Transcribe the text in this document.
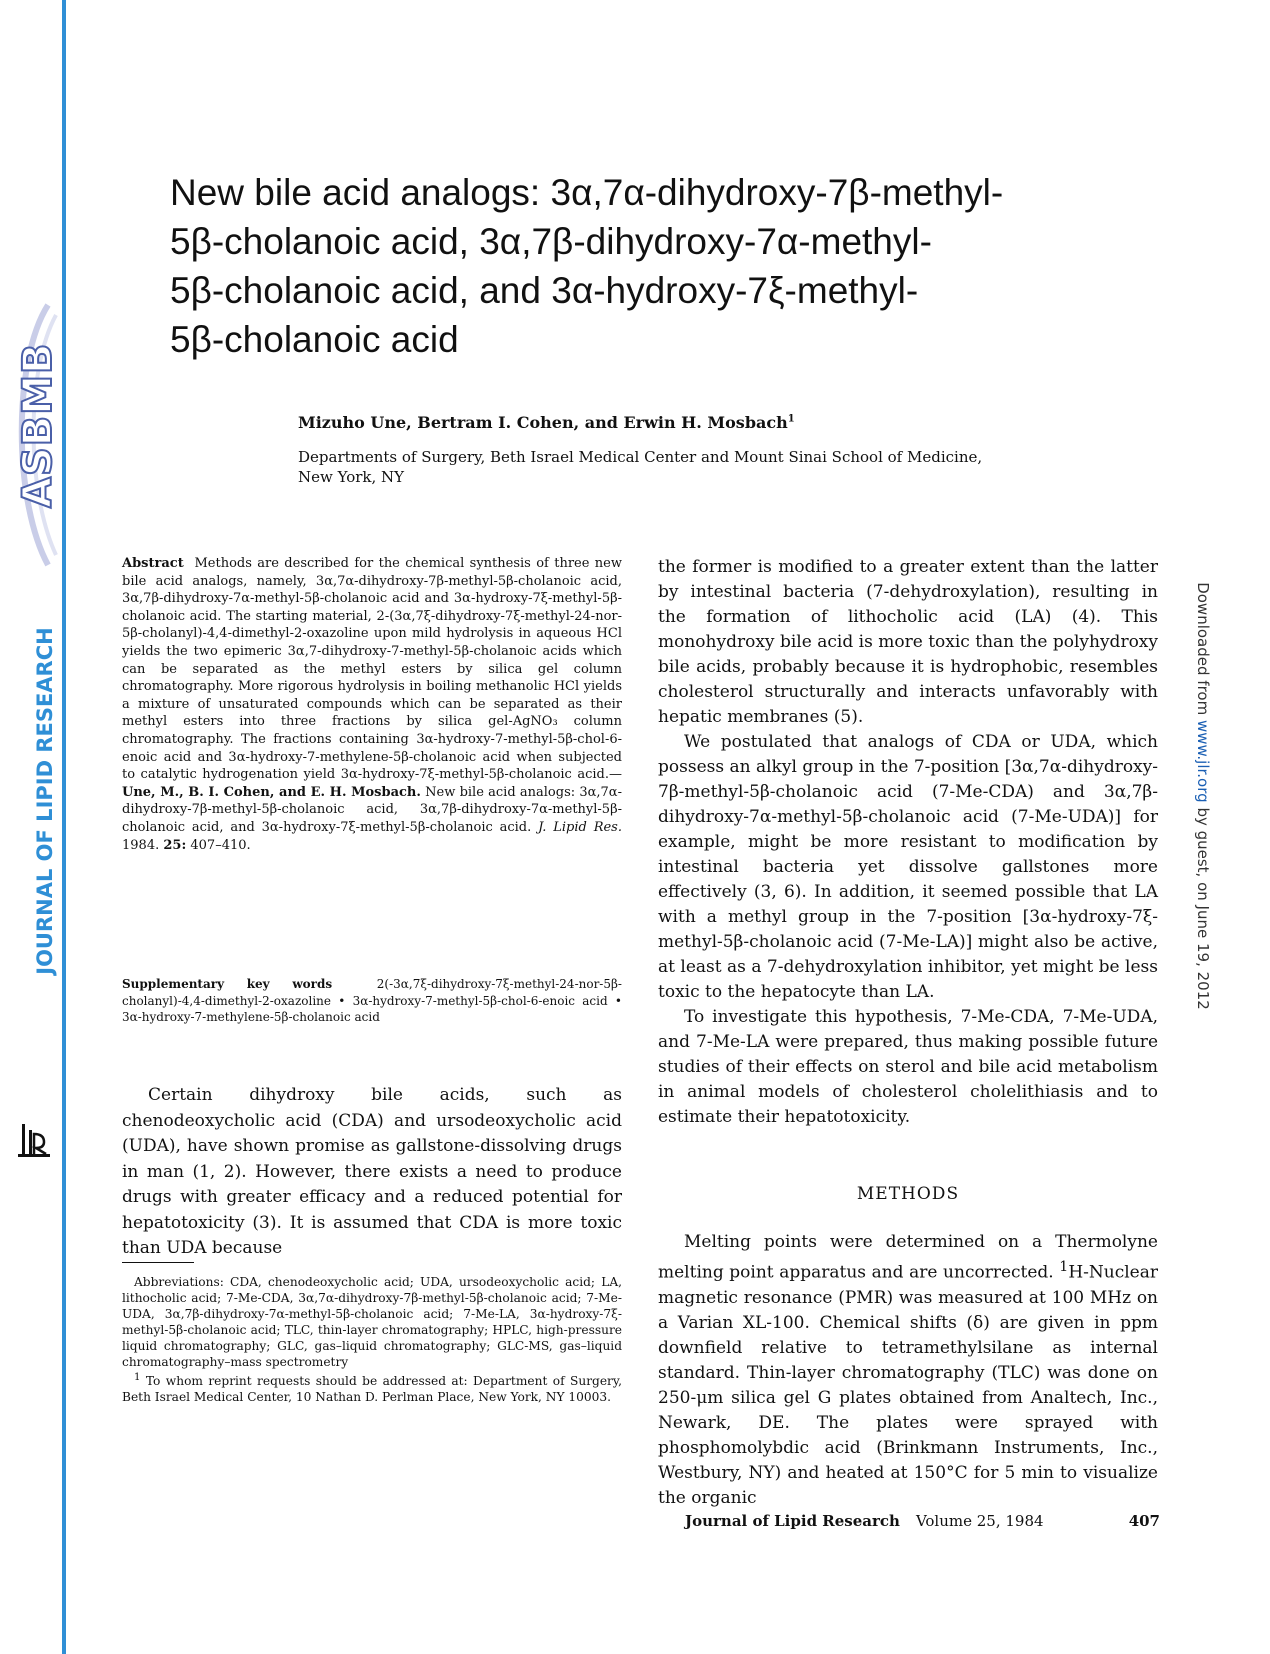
ASBMB
JOURNAL OF LIPID RESEARCH	Downloaded from www.jlr.org by guest, on June 19, 2012
New bile acid analogs: 3α,7α-dihydroxy-7β-methyl-
5β-cholanoic acid, 3α,7β-dihydroxy-7α-methyl-
5β-cholanoic acid, and 3α-hydroxy-7ξ-methyl-
5β-cholanoic acid
Mizuho Une, Bertram I. Cohen, and Erwin H. Mosbach$^1$
Departments of Surgery, Beth Israel Medical Center and Mount Sinai School of Medicine,
New York, NY
Abstract Methods are described for the chemical synthesis of three new bile acid analogs, namely, 3α,7α-dihydroxy-7β-methyl-5β-cholanoic acid, 3α,7β-dihydroxy-7α-methyl-5β-cholanoic acid and 3α-hydroxy-7ξ-methyl-5β-cholanoic acid. The starting material, 2-(3α,7ξ-dihydroxy-7ξ-methyl-24-nor-5β-cholanyl)-4,4-dimethyl-2-oxazoline upon mild hydrolysis in aqueous HCl yields the two epimeric 3α,7-dihydroxy-7-methyl-5β-cholanoic acids which can be separated as the methyl esters by silica gel column chromatography. More rigorous hydrolysis in boiling methanolic HCl yields a mixture of unsaturated compounds which can be separated as their methyl esters into three fractions by silica gel-AgNO₃ column chromatography. The fractions containing 3α-hydroxy-7-methyl-5β-chol-6-enoic acid and 3α-hydroxy-7-methylene-5β-cholanoic acid when subjected to catalytic hydrogenation yield 3α-hydroxy-7ξ-methyl-5β-cholanoic acid.—Une, M., B. I. Cohen, and E. H. Mosbach. New bile acid analogs: 3α,7α-dihydroxy-7β-methyl-5β-cholanoic acid, 3α,7β-dihydroxy-7α-methyl-5β-cholanoic acid, and 3α-hydroxy-7ξ-methyl-5β-cholanoic acid. J. Lipid Res. 1984. 25: 407–410.
Supplementary key words	2(-3α,7ξ-dihydroxy-7ξ-methyl-24-nor-5β-cholanyl)-4,4-dimethyl-2-oxazoline • 3α-hydroxy-7-methyl-5β-chol-6-enoic acid • 3α-hydroxy-7-methylene-5β-cholanoic acid
Certain dihydroxy bile acids, such as chenodeoxycholic acid (CDA) and ursodeoxycholic acid (UDA), have shown promise as gallstone-dissolving drugs in man (1, 2). However, there exists a need to produce drugs with greater efficacy and a reduced potential for hepatotoxicity (3). It is assumed that CDA is more toxic than UDA because

Abbreviations: CDA, chenodeoxycholic acid; UDA, ursodeoxycholic acid; LA, lithocholic acid; 7-Me-CDA, 3α,7α-dihydroxy-7β-methyl-5β-cholanoic acid; 7-Me-UDA, 3α,7β-dihydroxy-7α-methyl-5β-cholanoic acid; 7-Me-LA, 3α-hydroxy-7ξ-methyl-5β-cholanoic acid; TLC, thin-layer chromatography; HPLC, high-pressure liquid chromatography; GLC, gas–liquid chromatography; GLC-MS, gas–liquid chromatography–mass spectrometry

$^1$ To whom reprint requests should be addressed at: Department of Surgery, Beth Israel Medical Center, 10 Nathan D. Perlman Place, New York, NY 10003.

the former is modified to a greater extent than the latter by intestinal bacteria (7-dehydroxylation), resulting in the formation of lithocholic acid (LA) (4). This monohydroxy bile acid is more toxic than the polyhydroxy bile acids, probably because it is hydrophobic, resembles cholesterol structurally and interacts unfavorably with hepatic membranes (5).

We postulated that analogs of CDA or UDA, which possess an alkyl group in the 7-position [3α,7α-dihydroxy-7β-methyl-5β-cholanoic acid (7-Me-CDA) and 3α,7β-dihydroxy-7α-methyl-5β-cholanoic acid (7-Me-UDA)] for example, might be more resistant to modification by intestinal bacteria yet dissolve gallstones more effectively (3, 6). In addition, it seemed possible that LA with a methyl group in the 7-position [3α-hydroxy-7ξ-methyl-5β-cholanoic acid (7-Me-LA)] might also be active, at least as a 7-dehydroxylation inhibitor, yet might be less toxic to the hepatocyte than LA.

To investigate this hypothesis, 7-Me-CDA, 7-Me-UDA, and 7-Me-LA were prepared, thus making possible future studies of their effects on sterol and bile acid metabolism in animal models of cholesterol cholelithiasis and to estimate their hepatotoxicity.

METHODS

Melting points were determined on a Thermolyne melting point apparatus and are uncorrected. $^1$H-Nuclear magnetic resonance (PMR) was measured at 100 MHz on a Varian XL-100. Chemical shifts (δ) are given in ppm downfield relative to tetramethylsilane as internal standard. Thin-layer chromatography (TLC) was done on 250-μm silica gel G plates obtained from Analtech, Inc., Newark, DE. The plates were sprayed with phosphomolybdic acid (Brinkmann Instruments, Inc., Westbury, NY) and heated at 150°C for 5 min to visualize the organic

Journal of Lipid Research Volume 25, 1984	407
